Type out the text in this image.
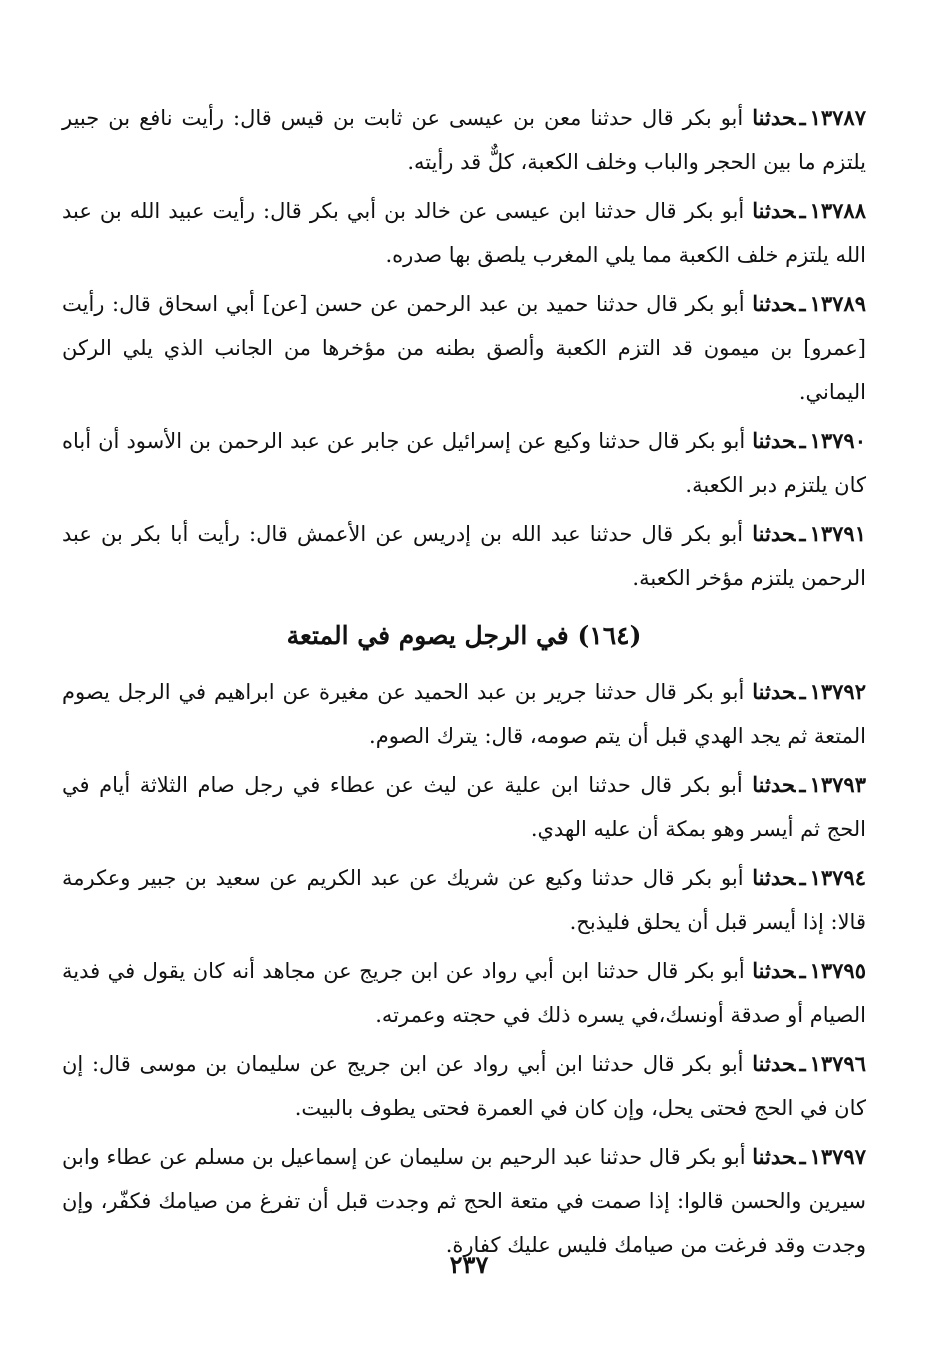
١٣٧٨٧ـحدثنا أبو بكر قال حدثنا معن بن عيسى عن ثابت بن قيس قال: رأيت نافع بن جبير يلتزم ما بين الحجر والباب وخلف الكعبة، كلٌّ قد رأيته.

١٣٧٨٨ـحدثنا أبو بكر قال حدثنا ابن عيسى عن خالد بن أبي بكر قال: رأيت عبيد الله بن عبد الله يلتزم خلف الكعبة مما يلي المغرب يلصق بها صدره.

١٣٧٨٩ـحدثنا أبو بكر قال حدثنا حميد بن عبد الرحمن عن حسن [عن] أبي اسحاق قال: رأيت [عمرو] بن ميمون قد التزم الكعبة وألصق بطنه من مؤخرها من الجانب الذي يلي الركن اليماني.

١٣٧٩٠ـحدثنا أبو بكر قال حدثنا وكيع عن إسرائيل عن جابر عن عبد الرحمن بن الأسود أن أباه كان يلتزم دبر الكعبة.

١٣٧٩١ـحدثنا أبو بكر قال حدثنا عبد الله بن إدريس عن الأعمش قال: رأيت أبا بكر بن عبد الرحمن يلتزم مؤخر الكعبة.

(١٦٤) في الرجل يصوم في المتعة

١٣٧٩٢ـحدثنا أبو بكر قال حدثنا جرير بن عبد الحميد عن مغيرة عن ابراهيم في الرجل يصوم المتعة ثم يجد الهدي قبل أن يتم صومه، قال: يترك الصوم.

١٣٧٩٣ـحدثنا أبو بكر قال حدثنا ابن علية عن ليث عن عطاء في رجل صام الثلاثة أيام في الحج ثم أيسر وهو بمكة أن عليه الهدي.

١٣٧٩٤ـحدثنا أبو بكر قال حدثنا وكيع عن شريك عن عبد الكريم عن سعيد بن جبير وعكرمة قالا: إذا أيسر قبل أن يحلق فليذبح.

١٣٧٩٥ـحدثنا أبو بكر قال حدثنا ابن أبي رواد عن ابن جريج عن مجاهد أنه كان يقول في فدية الصيام أو صدقة أونسك،في يسره ذلك في حجته وعمرته.

١٣٧٩٦ـحدثنا أبو بكر قال حدثنا ابن أبي رواد عن ابن جريج عن سليمان بن موسى قال: إن كان في الحج فحتى يحل، وإن كان في العمرة فحتى يطوف بالبيت.

١٣٧٩٧ـحدثنا أبو بكر قال حدثنا عبد الرحيم بن سليمان عن إسماعيل بن مسلم عن عطاء وابن سيرين والحسن قالوا: إذا صمت في متعة الحج ثم وجدت قبل أن تفرغ من صيامك فكفّر، وإن وجدت وقد فرغت من صيامك فليس عليك كفارة.

٢٣٧
